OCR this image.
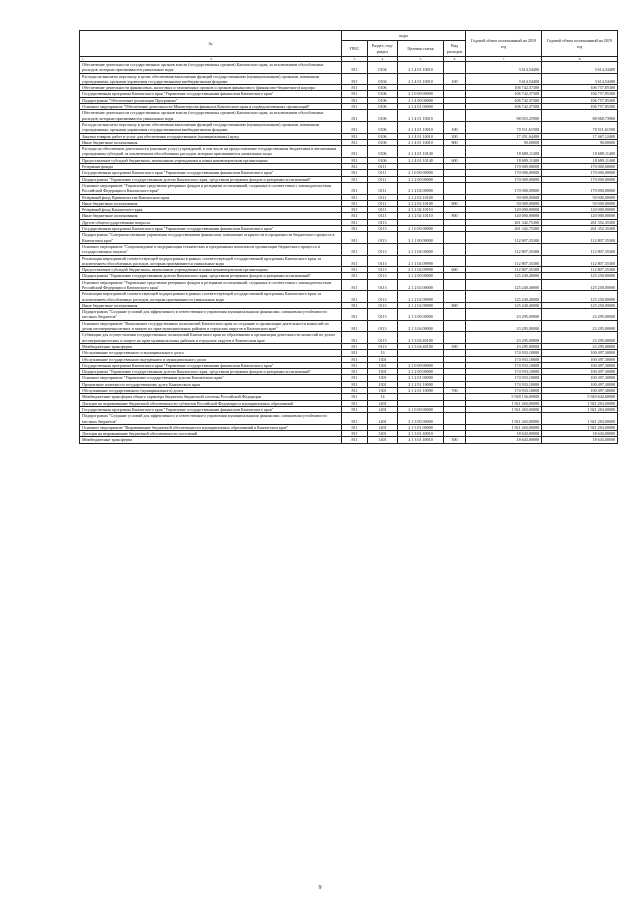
№	коды				Годовой объем ассигнований на 2018 год	Годовой объем ассигнований на 2019 год
	ГРБС	Раздел, под-раздел	Целевая статья	Вид расходов		
1 2	3	4	5	6	7	8
Обеспечение деятельности государственных органов власти (государственных органов) Камчатского края, за исключением обособленных расходов, которым присваиваются уникальные коды	811	0104	2 1 4 01 10010		3 614,54400	3 614,54400
Расходы на выплаты персоналу в целях обеспечения выполнения функций государственными (муниципальными) органами, казенными учреждениями, органами управления государственными внебюджетными фондами	811	0104	2 1 4 01 10010	100	3 614,54400	3 614,54400
Обеспечение деятельности финансовых, налоговых и таможенных органов и органов финансового (финансово-бюджетного) надзора	811	0106			106 742,37300	106 757,85300
Государственная программа Камчатского края "Управление государственными финансами Камчатского края"	811	0106	2 1 0 00 00000		106 742,37300	106 757,85300
Подпрограмма "Обеспечение реализации Программы"	811	0106	2 1 4 00 00000		106 742,37300	106 757,85300
Основное мероприятие "Обеспечение деятельности Министерства финансов Камчатского края и подведомственных организаций"	811	0106	2 1 4 01 00000		106 742,37300	106 757,85300
Обеспечение деятельности государственных органов власти (государственных органов) Камчатского края, за исключением обособленных расходов, которым присваиваются уникальные коды	811	0106	2 1 4 01 10010		88 053,25900	88 068,73900
Расходы на выплаты персоналу в целях обеспечения выполнения функций государственными (муниципальными) органами, казенными учреждениями, органами управления государственными внебюджетными фондами	811	0106	2 1 4 01 10010	100	70 511,61500	70 511,61500
Закупка товаров, работ и услуг для обеспечения государственных (муниципальных) нужд	811	0106	2 1 4 01 10010	200	17 451,64400	17 467,12400
Иные бюджетные ассигнования	811	0106	2 1 4 01 10010	800	90,00000	90,00000
Расходы на обеспечение деятельности (оказание услуг) учреждений, в том числе на предоставление государственным бюджетным и автономным учреждениям субсидий, за исключением обособленных расходов, которым присваиваются уникальные коды	811	0106	2 1 4 01 10140		18 689,11400	18 689,11400
Предоставление субсидий бюджетным, автономным учреждениям и иным некоммерческим организациям	811	0106	2 1 4 01 10140	600	18 689,11400	18 689,11400
Резервные фонды	811	0111			170 000,00000	170 000,00000
Государственная программа Камчатского края "Управление государственными финансами Камчатского края"	811	0111	2 1 0 00 00000		170 000,00000	170 000,00000
Подпрограмма "Управление государственным долгом Камчатского края, средствами резервных фондов и резервами ассигнований"	811	0111	2 1 2 00 00000		170 000,00000	170 000,00000
Основное мероприятие "Управление средствами резервных фондов и резервами ассигнований, созданных в соответствии с законодательством Российской Федерации и Камчатского края"	811	0111	2 1 2 02 00000		170 000,00000	170 000,00000
Резервный фонд Правительства Камчатского края	811	0111	2 1 2 02 10100		50 000,00000	50 000,00000
Иные бюджетные ассигнования	811	0111	2 1 2 02 10100	800	50 000,00000	50 000,00000
Резервный фонд Камчатского края	811	0111	2 1 2 02 10110		120 000,00000	120 000,00000
Иные бюджетные ассигнования	811	0111	2 1 2 02 10110	800	120 000,00000	120 000,00000
Другие общегосударственные вопросы	811	0113			261 342,75300	261 352,35300
Государственная программа Камчатского края "Управление государственными финансами Камчатского края"	811	0113	2 1 0 00 00000		261 342,75300	261 352,35300
Подпрограмма "Совершенствование управления государственными финансами, повышение открытости и прозрачности бюджетного процесса в Камчатском крае"	811	0113	2 1 1 00 00000		112 807,35300	112 807,35300
Основное мероприятие "Сопровождение и модернизация технических и программных комплексов организации бюджетного процесса и государственных закупок"	811	0113	2 1 1 04 00000		112 807,35300	112 807,35300
Реализация мероприятий соответствующей подпрограммы в рамках соответствующей государственной программы Камчатского края, за исключением обособленных расходов, которым присваиваются уникальные коды	811	0113	2 1 1 04 09990		112 807,35300	112 807,35300
Предоставление субсидий бюджетным, автономным учреждениям и иным некоммерческим организациям	811	0113	2 1 1 04 09990	600	112 807,35300	112 807,35300
Подпрограмма "Управление государственным долгом Камчатского края, средствами резервных фондов и резервами ассигнований"	811	0113	2 1 2 00 00000		125 240,40000	125 250,00000
Основное мероприятие "Управление средствами резервных фондов и резервами ассигнований, созданных в соответствии с законодательством Российской Федерации и Камчатского края"	811	0113	2 1 2 02 00000		125 240,40000	125 250,00000
Реализация мероприятий соответствующей подпрограммы в рамках соответствующей государственной программы Камчатского края, за исключением обособленных расходов, которым присваиваются уникальные коды	811	0113	2 1 2 02 09990		125 240,40000	125 250,00000
Иные бюджетные ассигнования	811	0113	2 1 2 02 09990	800	125 240,40000	125 250,00000
Подпрограмма "Создание условий для эффективного и ответственного управления муниципальными финансами, повышения устойчивости местных бюджетов"	811	0113	2 1 3 00 00000		23 295,00000	23 295,00000
Основное мероприятие "Выполнение государственных полномочий Камчатского края по созданию и организации деятельности комиссий по делам несовершеннолетних и защите их прав муниципальных районов и городских округов в Камчатском крае"	811	0113	2 1 3 04 00000		23 295,00000	23 295,00000
Субвенции для осуществления государственных полномочий Камчатского края по образованию и организации деятельности комиссий по делам несовершеннолетних и защите их прав муниципальных районов и городских округов в Камчатском крае	811	0113	2 1 3 04 40100		23 295,00000	23 295,00000
Межбюджетные трансферты	811	0113	2 1 3 04 40100	500	23 295,00000	23 295,00000
Обслуживание государственного и муниципального долга	811	13			174 933,10000	100 497,30000
Обслуживание государственного внутреннего и муниципального долга	811	1301			174 933,10000	100 497,30000
Государственная программа Камчатского края "Управление государственными финансами Камчатского края"	811	1301	2 1 0 00 00000		174 933,10000	100 497,30000
Подпрограмма "Управление государственным долгом Камчатского края, средствами резервных фондов и резервами ассигнований"	811	1301	2 1 2 00 00000		174 933,10000	100 497,30000
Основное мероприятие "Управление государственным долгом Камчатского края"	811	1301	2 1 2 01 00000		174 933,10000	100 497,30000
Процентные платежи по государственному долгу Камчатского края	811	1301	2 1 2 01 10090		174 933,10000	100 497,30000
Обслуживание государственного (муниципального) долга	811	1301	2 1 2 01 10090	700	174 933,10000	100 497,30000
Межбюджетные трансферты общего характера бюджетам бюджетной системы Российской Федерации	811	14			5 928 156,00000	5 920 642,60000
Дотации на выравнивание бюджетной обеспеченности субъектов Российской Федерации и муниципальных образований	811	1401			1 921 263,00000	1 921 263,00000
Государственная программа Камчатского края "Управление государственными финансами Камчатского края"	811	1401	2 1 0 00 00000		1 921 263,00000	1 921 263,00000
Подпрограмма "Создание условий для эффективного и ответственного управления муниципальными финансами, повышения устойчивости местных бюджетов"	811	1401	2 1 3 00 00000		1 921 263,00000	1 921 263,00000
Основное мероприятие "Выравнивание бюджетной обеспеченности муниципальных образований в Камчатском крае"	811	1401	2 1 3 01 00000		1 921 263,00000	1 921 263,00000
Дотации на выравнивание бюджетной обеспеченности поселений	811	1401	2 1 3 01 40010		18 643,00000	18 643,00000
Межбюджетные трансферты	811	1401	2 1 3 01 40010	500	18 643,00000	18 643,00000
9
